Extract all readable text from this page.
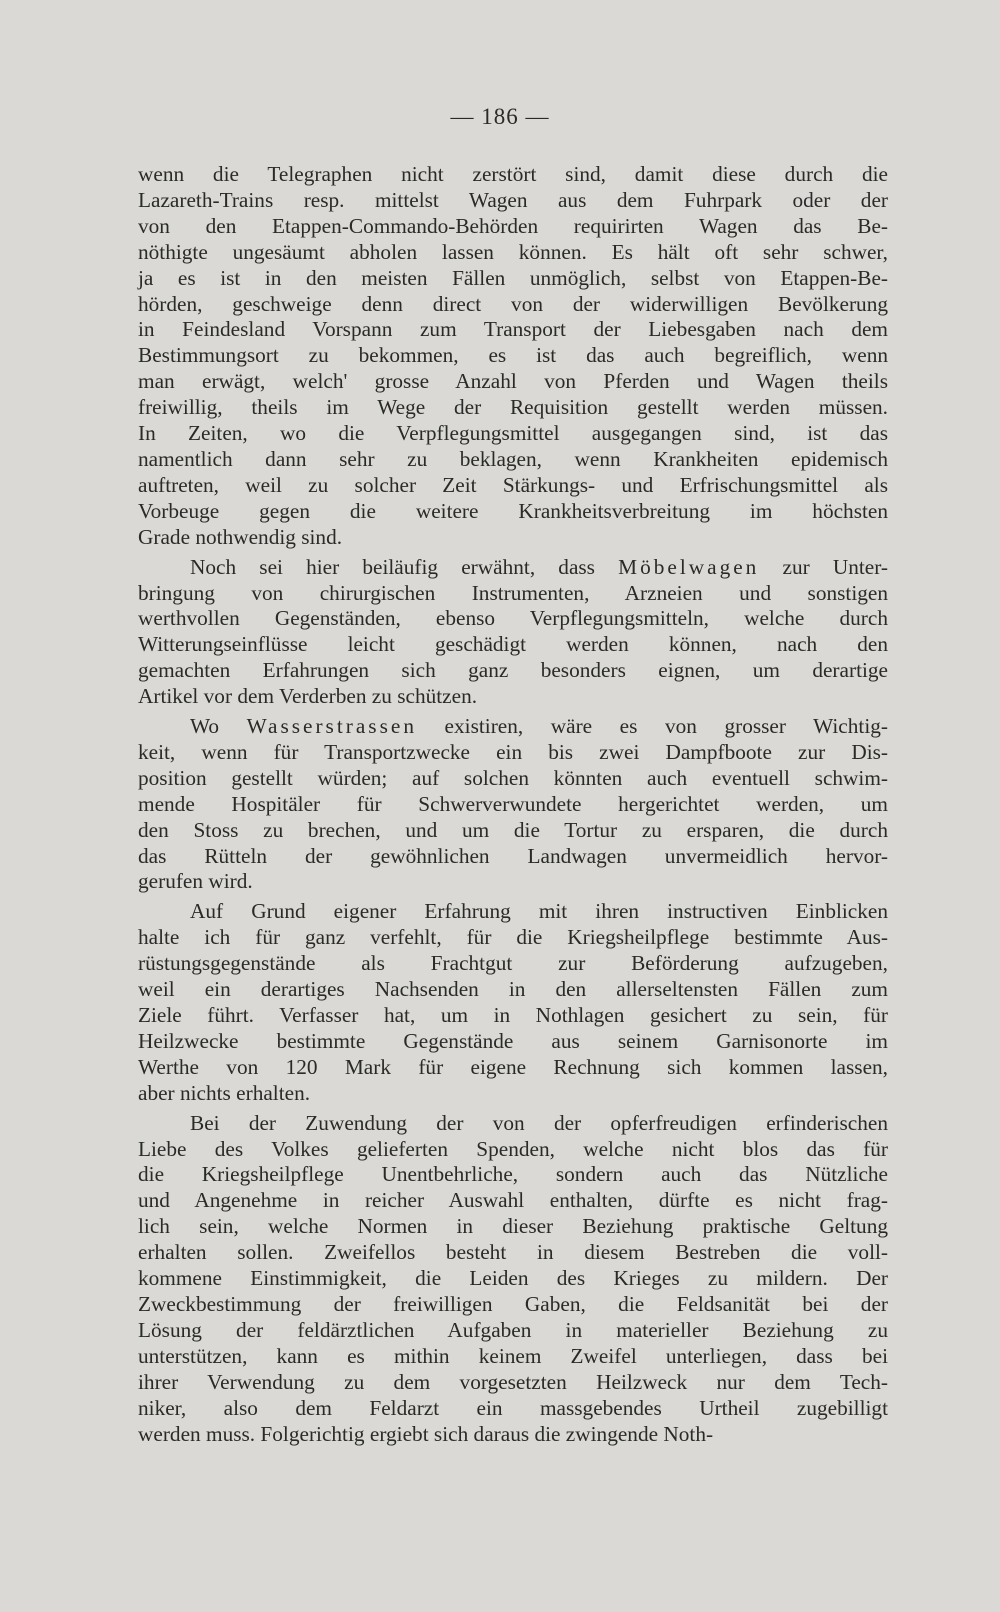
— 186 —
wenn die Telegraphen nicht zerstört sind, damit diese durch die
Lazareth-Trains resp. mittelst Wagen aus dem Fuhrpark oder der
von den Etappen-Commando-Behörden requirirten Wagen das Be-
nöthigte ungesäumt abholen lassen können. Es hält oft sehr schwer,
ja es ist in den meisten Fällen unmöglich, selbst von Etappen-Be-
hörden, geschweige denn direct von der widerwilligen Bevölkerung
in Feindesland Vorspann zum Transport der Liebesgaben nach dem
Bestimmungsort zu bekommen, es ist das auch begreiflich, wenn
man erwägt, welch' grosse Anzahl von Pferden und Wagen theils
freiwillig, theils im Wege der Requisition gestellt werden müssen.
In Zeiten, wo die Verpflegungsmittel ausgegangen sind, ist das
namentlich dann sehr zu beklagen, wenn Krankheiten epidemisch
auftreten, weil zu solcher Zeit Stärkungs- und Erfrischungsmittel als
Vorbeuge gegen die weitere Krankheitsverbreitung im höchsten
Grade nothwendig sind.
Noch sei hier beiläufig erwähnt, dass Möbelwagen zur Unter-
bringung von chirurgischen Instrumenten, Arzneien und sonstigen
werthvollen Gegenständen, ebenso Verpflegungsmitteln, welche durch
Witterungseinflüsse leicht geschädigt werden können, nach den
gemachten Erfahrungen sich ganz besonders eignen, um derartige
Artikel vor dem Verderben zu schützen.
Wo Wasserstrassen existiren, wäre es von grosser Wichtig-
keit, wenn für Transportzwecke ein bis zwei Dampfboote zur Dis-
position gestellt würden; auf solchen könnten auch eventuell schwim-
mende Hospitäler für Schwerverwundete hergerichtet werden, um
den Stoss zu brechen, und um die Tortur zu ersparen, die durch
das Rütteln der gewöhnlichen Landwagen unvermeidlich hervor-
gerufen wird.
Auf Grund eigener Erfahrung mit ihren instructiven Einblicken
halte ich für ganz verfehlt, für die Kriegsheilpflege bestimmte Aus-
rüstungsgegenstände als Frachtgut zur Beförderung aufzugeben,
weil ein derartiges Nachsenden in den allerseltensten Fällen zum
Ziele führt. Verfasser hat, um in Nothlagen gesichert zu sein, für
Heilzwecke bestimmte Gegenstände aus seinem Garnisonorte im
Werthe von 120 Mark für eigene Rechnung sich kommen lassen,
aber nichts erhalten.
Bei der Zuwendung der von der opferfreudigen erfinderischen
Liebe des Volkes gelieferten Spenden, welche nicht blos das für
die Kriegsheilpflege Unentbehrliche, sondern auch das Nützliche
und Angenehme in reicher Auswahl enthalten, dürfte es nicht frag-
lich sein, welche Normen in dieser Beziehung praktische Geltung
erhalten sollen. Zweifellos besteht in diesem Bestreben die voll-
kommene Einstimmigkeit, die Leiden des Krieges zu mildern. Der
Zweckbestimmung der freiwilligen Gaben, die Feldsanität bei der
Lösung der feldärztlichen Aufgaben in materieller Beziehung zu
unterstützen, kann es mithin keinem Zweifel unterliegen, dass bei
ihrer Verwendung zu dem vorgesetzten Heilzweck nur dem Tech-
niker, also dem Feldarzt ein massgebendes Urtheil zugebilligt
werden muss. Folgerichtig ergiebt sich daraus die zwingende Noth-
